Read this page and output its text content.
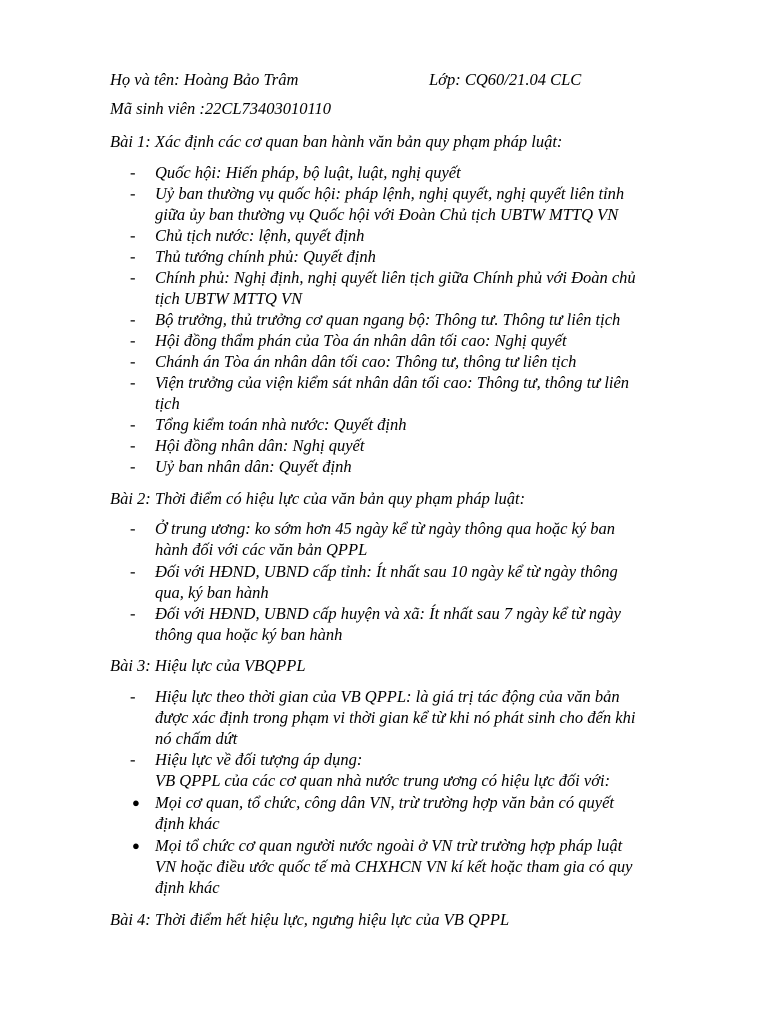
Họ và tên: Hoàng Bảo Trâm	Lớp: CQ60/21.04 CLC
Mã sinh viên :22CL73403010110
Bài 1: Xác định các cơ quan ban hành văn bản quy phạm pháp luật:
- Quốc hội: Hiến pháp, bộ luật, luật, nghị quyết
- Uỷ ban thường vụ quốc hội: pháp lệnh, nghị quyết, nghị quyết liên tỉnh
giữa ủy ban thường vụ Quốc hội với Đoàn Chủ tịch UBTW MTTQ VN
- Chủ tịch nước: lệnh, quyết định
- Thủ tướng chính phủ: Quyết định
- Chính phủ: Nghị định, nghị quyết liên tịch giữa Chính phủ với Đoàn chủ
tịch UBTW MTTQ VN
- Bộ trưởng, thủ trưởng cơ quan ngang bộ: Thông tư. Thông tư liên tịch
- Hội đồng thẩm phán của Tòa án nhân dân tối cao: Nghị quyết
- Chánh án Tòa án nhân dân tối cao: Thông tư, thông tư liên tịch
- Viện trưởng của viện kiểm sát nhân dân tối cao: Thông tư, thông tư liên
tịch
- Tổng kiểm toán nhà nước: Quyết định
- Hội đồng nhân dân: Nghị quyết
- Uỷ ban nhân dân: Quyết định
Bài 2: Thời điểm có hiệu lực của văn bản quy phạm pháp luật:
- Ở trung ương: ko sớm hơn 45 ngày kể từ ngày thông qua hoặc ký ban
hành đối với các văn bản QPPL
- Đối với HĐND, UBND cấp tỉnh: Ít nhất sau 10 ngày kể từ ngày thông
qua, ký ban hành
- Đối với HĐND, UBND cấp huyện và xã: Ít nhất sau 7 ngày kể từ ngày
thông qua hoặc ký ban hành
Bài 3: Hiệu lực của VBQPPL
- Hiệu lực theo thời gian của VB QPPL: là giá trị tác động của văn bản
được xác định trong phạm vi thời gian kể từ khi nó phát sinh cho đến khi
nó chấm dứt
- Hiệu lực về đối tượng áp dụng:
VB QPPL của các cơ quan nhà nước trung ương có hiệu lực đối với:
● Mọi cơ quan, tổ chức, công dân VN, trừ trường hợp văn bản có quyết
định khác
● Mọi tổ chức cơ quan người nước ngoài ở VN trừ trường hợp pháp luật
VN hoặc điều ước quốc tế mà CHXHCN VN kí kết hoặc tham gia có quy
định khác
Bài 4: Thời điểm hết hiệu lực, ngưng hiệu lực của VB QPPL
